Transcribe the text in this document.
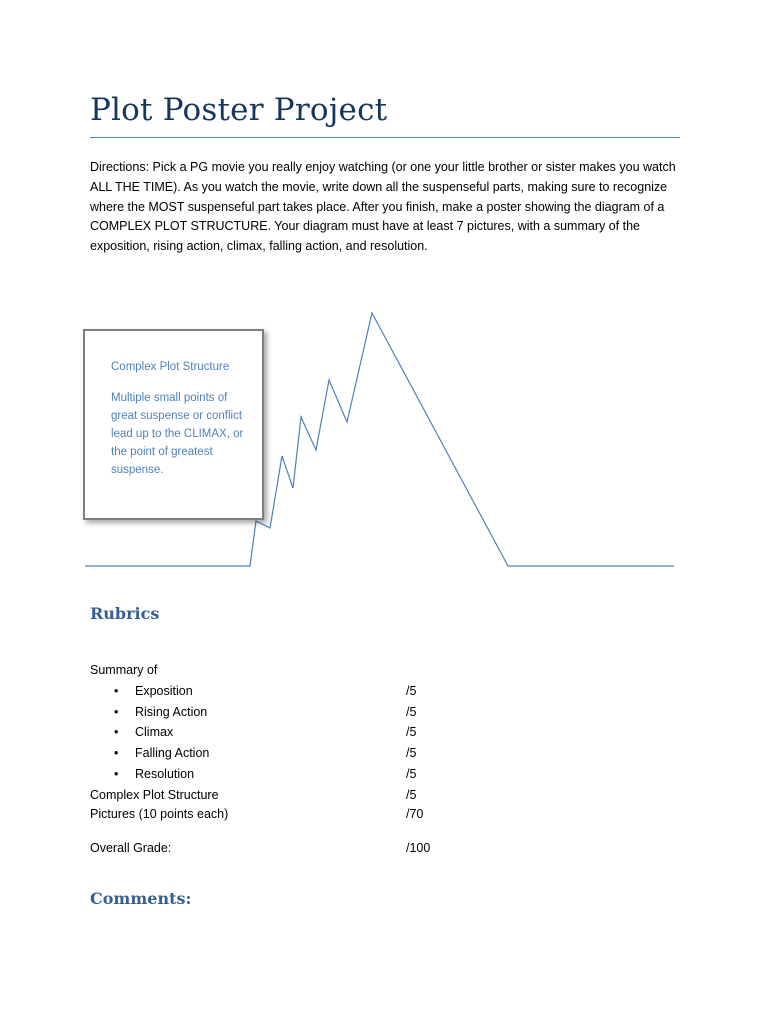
Plot Poster Project
Directions: Pick a PG movie you really enjoy watching (or one your little brother or sister makes you watch ALL THE TIME). As you watch the movie, write down all the suspenseful parts, making sure to recognize where the MOST suspenseful part takes place. After you finish, make a poster showing the diagram of a COMPLEX PLOT STRUCTURE. Your diagram must have at least 7 pictures, with a summary of the exposition, rising action, climax, falling action, and resolution.

Complex Plot Structure

Multiple small points of great suspense or conflict lead up to the CLIMAX, or the point of greatest suspense.

Rubrics
Summary of
• Exposition	/5
• Rising Action	/5
• Climax	/5
• Falling Action	/5
• Resolution	/5
Complex Plot Structure	/5
Pictures (10 points each)	/70
Overall Grade:	/100
Comments:
